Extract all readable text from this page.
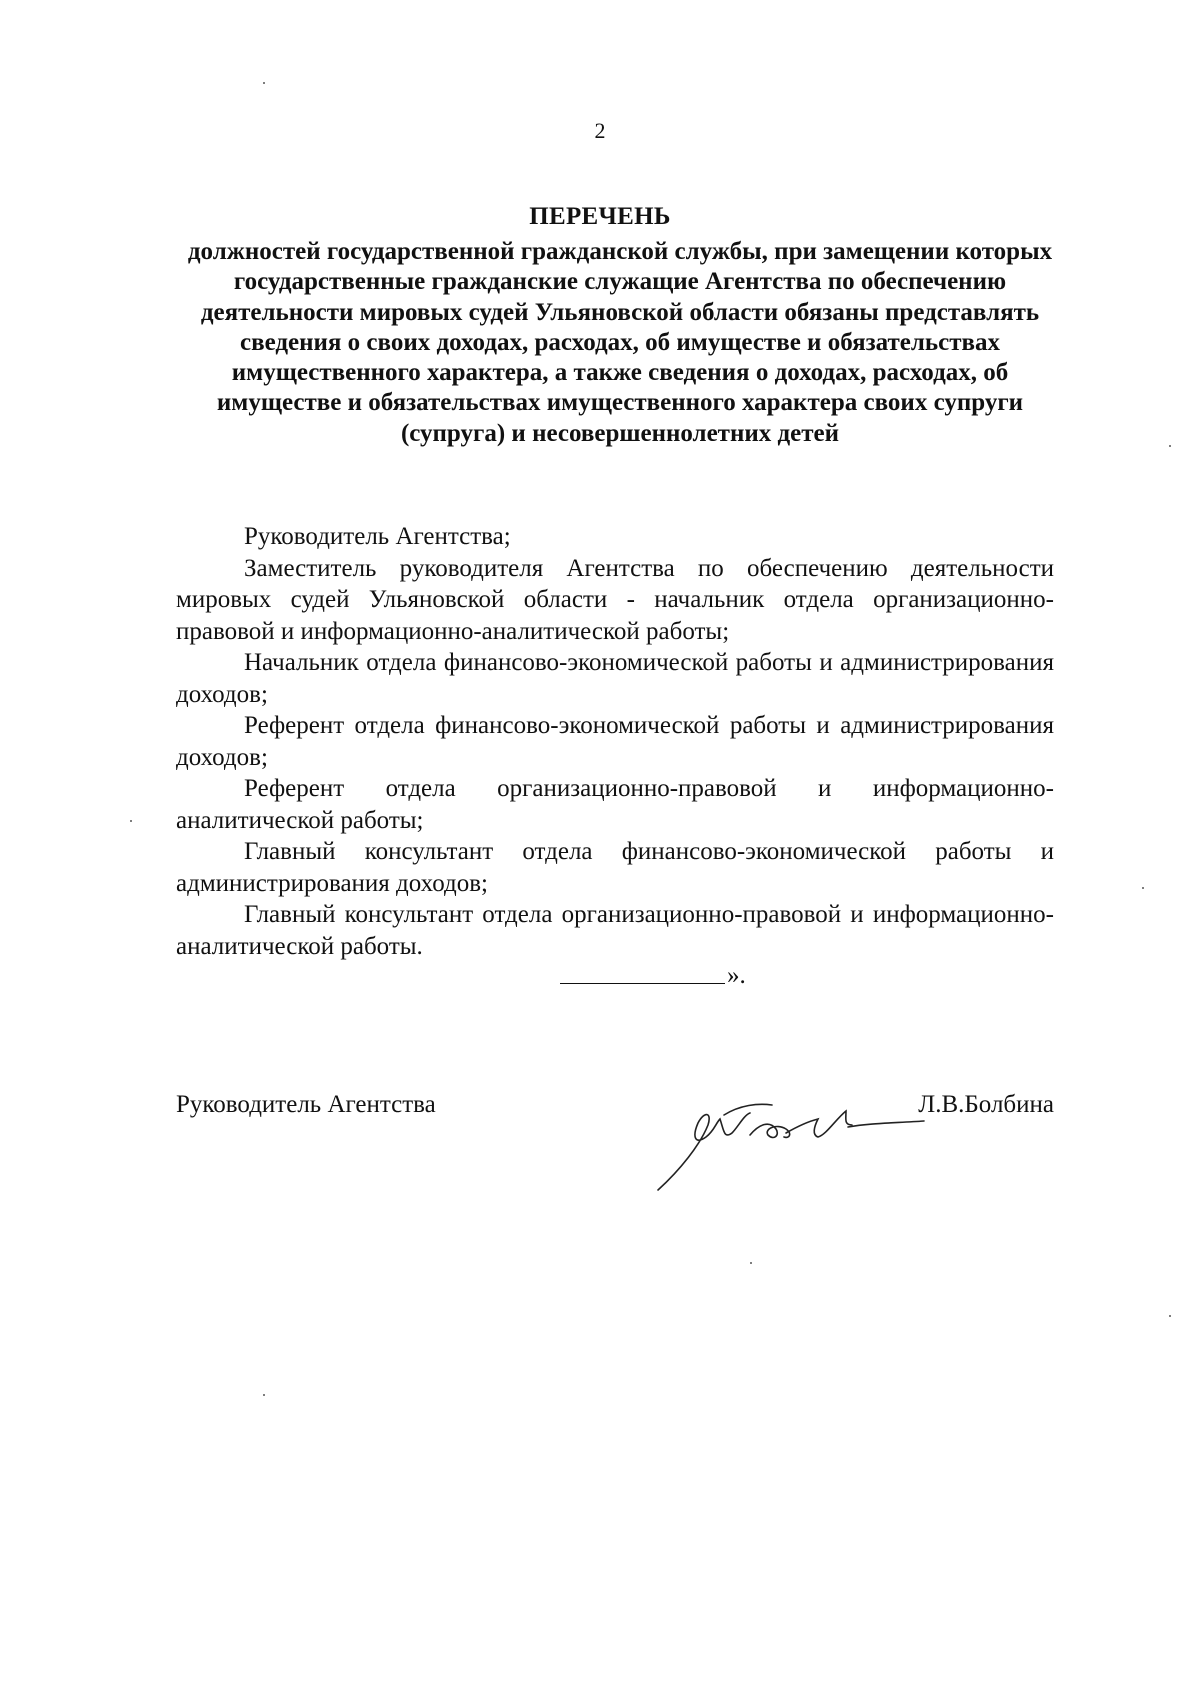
2
ПЕРЕЧЕНЬ
должностей государственной гражданской службы, при замещении которых
государственные гражданские служащие Агентства по обеспечению
деятельности мировых судей Ульяновской области обязаны представлять
сведения о своих доходах, расходах, об имуществе и обязательствах
имущественного характера, а также сведения о доходах, расходах, об
имуществе и обязательствах имущественного характера своих супруги
(супруга) и несовершеннолетних детей

Руководитель Агентства;

Заместитель руководителя Агентства по обеспечению деятельности мировых судей Ульяновской области - начальник отдела организационно-правовой и информационно-аналитической работы;

Начальник отдела финансово-экономической работы и администрирования доходов;

Референт отдела финансово-экономической работы и администрирования доходов;

Референт отдела организационно-правовой и информационно-аналитической работы;

Главный консультант отдела финансово-экономической работы и администрирования доходов;

Главный консультант отдела организационно-правовой и информационно-аналитической работы.

».
Руководитель Агентства	Л.В.Болбина
